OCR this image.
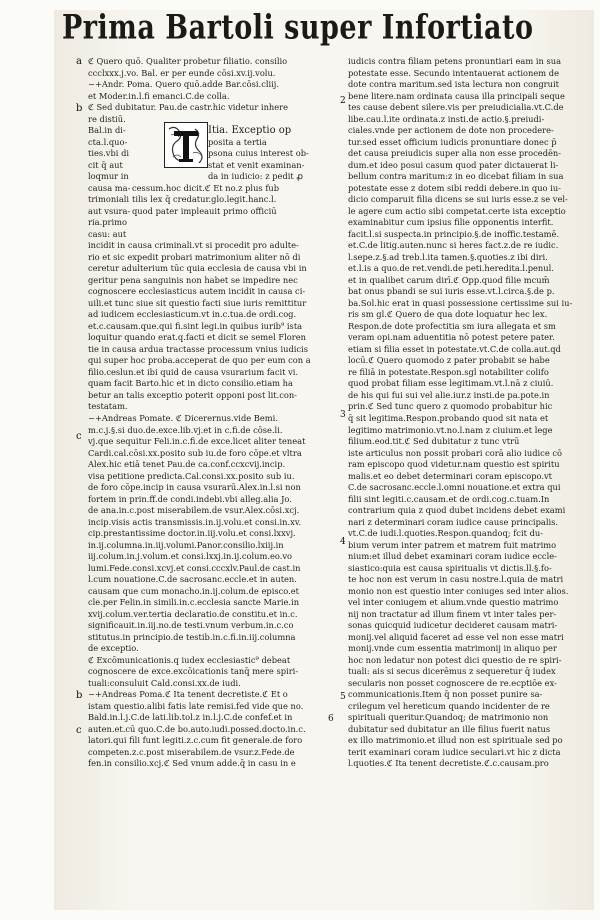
Prima Bartoli super Infortiato
a
b
c
b
c
2
3
4
5
6
T
ℭ Quero quō. Qualiter probetur filiatio. consilio
ccclxxx.j.vo. Bal. er per eunde cōsi.xv.ij.volu.
~+Andr. Poma. Quero quō.adde Bar.cōsi.cliij.
et Moder.in.l.fi emanci.C.de colla.
ℭ Sed dubitatur. Pau.de castr.hic videtur inhere
re distiū.
Bal.in di-
cta.l.quo-
ties.vbi di
cit q̄ aut
loqmur in
causa ma- cessum.hoc dicit.ℭ Et no.z plus fub
trimoniali tilis lex q̄ credatur.glo.legit.hanc.l.
aut vsura- quod pater impleauit primo officiū
ria.primo
casu: aut
incidit in causa criminali.vt si procedit pro adulte-
rio et sic expedit probari matrimonium aliter nō di
ceretur adulterium tūc quia ecclesia de causa vbi in
geritur pena sanguinis non habet se impedire nec
cognoscere ecclesiasticus autem incidit in causa ci-
uili.et tunc siue sit questio facti siue iuris remittitur
ad iudicem ecclesiasticum.vt in.c.tua.de ordi.cog.
et.c.causam.que.qui fi.sint legi.in quibus iurib⁹ ista
loquitur quando erat.q.facti et dicit se semel Floren
tie in causa ardua tractasse processum vnius iudicis
qui super hoc proba.acceperat de quo per eum con a
filio.ceslun.et ibi quid de causa vsurarium facit vi.
quam facit Barto.hic et in dicto consilio.etiam ha
betur an talis exceptio poterit opponi post lit.con-
testatam.
~+Andreas Pomate. ℭ Dicerernus.vide Bemi.
m.c.j.§.si duo.de.exce.lib.vj.et in c.fi.de cōse.li.
vj.que sequitur Feli.in.c.fi.de exce.licet aliter teneat
Cardi.cal.cōsi.xx.posito sub iu.de foro cōpe.et vltra
Alex.hic etiā tenet Pau.de ca.conf.ccxcvij.incip.
visa petitione predicta.Cal.consi.xx.posito sub iu.
de foro cōpe.incip in causa vsurarū.Alex.in.l.si non
fortem in prin.ff.de condi.indebi.vbi alleg.alia Jo.
de ana.in.c.post miserabilem.de vsur.Alex.cōsi.xcj.
incip.visis actis transmissis.in.ij.volu.et consi.in.xv.
cip.prestantissime doctor.in.iij.volu.et consi.lxxvj.
in.ij.columna.in.iij.volumi.Panor.consilio.lxiij.in
iij.colum.in.j.volum.et consi.lxxj.in.ij.colum.eo.vo
lumi.Fede.consi.xcvj.et consi.cccxlv.Paul.de cast.in
l.cum nouatione.C.de sacrosanc.eccle.et in auten.
causam que cum monacho.in.ij.colum.de episco.et
cle.per Felin.in simili.in.c.ecclesia sancte Marie.in
xvij.colum.ver.tertia declaratio.de constitu.et in.c.
significauit.in.iij.no.de testi.vnum verbum.in.c.co
stitutus.in principio.de testib.in.c.fi.in.iij.columna
de exceptio.
ℭ Excōmunicationis.q iudex ecclesiastic⁹ debeat
cognoscere de exce.excōicationis tanq̄ mere spiri-
tuali:consuluit Cald.consi.xx.de iudi.
~+Andreas Poma.ℭ Ita tenent decretiste.ℭ Et o
istam questio.alibi fatis late remisi.fed vide que no.
Bald.in.l.j.C.de lati.lib.tol.z in.l.j.C.de confef.et in
auten.et.cū quo.C.de bo.auto.iudi.possed.docto.in.c.
latori.qui fili funt legiti.z.c.cum fit generale.de foro
competen.z.c.post miserabilem.de vsur.z.Fede.de
fen.in consilio.xcj.ℭ Sed vnum adde.q̄ in casu in e
Itia. Exceptio op
posita a tertia
psona cuius interest ob-
stat et venit examinan-
da in iudicio: z pedit ꝓ
iudicis contra filiam petens pronuntiari eam in sua
potestate esse. Secundo intentauerat actionem de
dote contra maritum.sed ista lectura non congruit
bene litere.nam ordinata causa illa principali seque
tes cause debent silere.vis per preiudicialia.vt.C.de
libe.cau.l.ite ordinata.z insti.de actio.§.preiudi-
ciales.vnde per actionem de dote non procedere-
tur.sed esset officium iudicis pronuntiare donec p̄
det causa preiudicis super alia non esse procedēn-
dum.et ideo posui casum quod pater dictauerat li-
bellum contra maritum:z in eo dicebat filiam in sua
potestate esse z dotem sibi reddi debere.in quo iu-
dicio comparuit filia dicens se sui iuris esse.z se vel-
le agere cum actio sibi competat.certe ista exceptio
examinabitur cum ipsius filie opponentis interfit.
facit.l.si suspecta.in principio.§.de inoffic.testamē.
et.C.de litig.auten.nunc si heres fact.z.de re iudic.
l.sepe.z.§.ad treb.l.ita tamen.§.quoties.z ibi diri.
et.l.is a quo.de ret.vendi.de peti.heredita.l.penul.
et in qualibet carum dirī.ℭ Opp.quod filie mcum̄
bat onus pbandi se sui iuris esse.vt.l.circa.§.de p.
ba.Sol.hic erat in quasi possessione certissime sui iu-
ris sm gl.ℭ Quero de qua dote loquatur hec lex.
Respon.de dote profectitia sm iura allegata et sm
veram opi.nam aduentitia nō potest petere pater.
etiam si filia esset in potestate.vt.C.de colla.aut.qd̄
locū.ℭ Quero quomodo z pater probabit se habe
re filiā in potestate.Respon.sgl notabiliter colifo
quod probat filiam esse legitimam.vt.l.nā z ciuiū.
de his qui fui sui vel alie.iur.z insti.de pa.pote.in
prin.ℭ Sed tunc quero z quomodo probabitur hic
q̄ sit legitima.Respon.probando quod sit nata et
legitimo matrimonio.vt.no.l.nam z ciuium.et lege
filium.eod.tit.ℭ Sed dubitatur z tunc vtrū
iste articulus non possit probari corā alio iudice cō
ram episcopo quod videtur.nam questio est spiritu
malis.et eo debet determinari coram episcopo.vt
C.de sacrosanc.eccle.l.omni nouatione.et extra qui
filii sint legiti.c.causam.et de ordi.cog.c.tuam.In
contrarium quia z quod dubet incidens debet exami
nari z determinari coram iudice cause principalis.
vt.C.de iudi.l.quoties.Respon.quandoq; fcit du-
bium verum inter patrem et matrem fuit matrimo
nium:et illud debet examinari coram iudice eccle-
siastico:quia est causa spiritualis vt dictis.ll.§.fo-
te hoc non est verum in casu nostre.l.quia de matri
monio non est questio inter coniuges sed inter alios.
vel inter coniugem et alium.vnde questio matrimo
nij non tractatur ad illum finem vt inter tales per-
sonas quicquid iudicetur decideret causam matri-
monij.vel aliquid faceret ad esse vel non esse matri
monij.vnde cum essentia matrimonij in aliquo per
hoc non ledatur non potest dici questio de re spiri-
tuali: ais si secus dicerēmus z sequeretur q̄ iudex
secularis non posset cognoscere de re.ecptiōe ex-
communicationis.Item q̄ non posset punire sa-
crilegum vel hereticum quando incidenter de re
spirituali queritur.Quandoq; de matrimonio non
dubitatur sed dubitatur an ille filius fuerit natus
ex illo matrimonio.et illud non est spirituale sed po
terit examinari coram iudice seculari.vt hic z dicta
l.quoties.ℭ Ita tenent decretiste.ℭ.c.causam.pro
